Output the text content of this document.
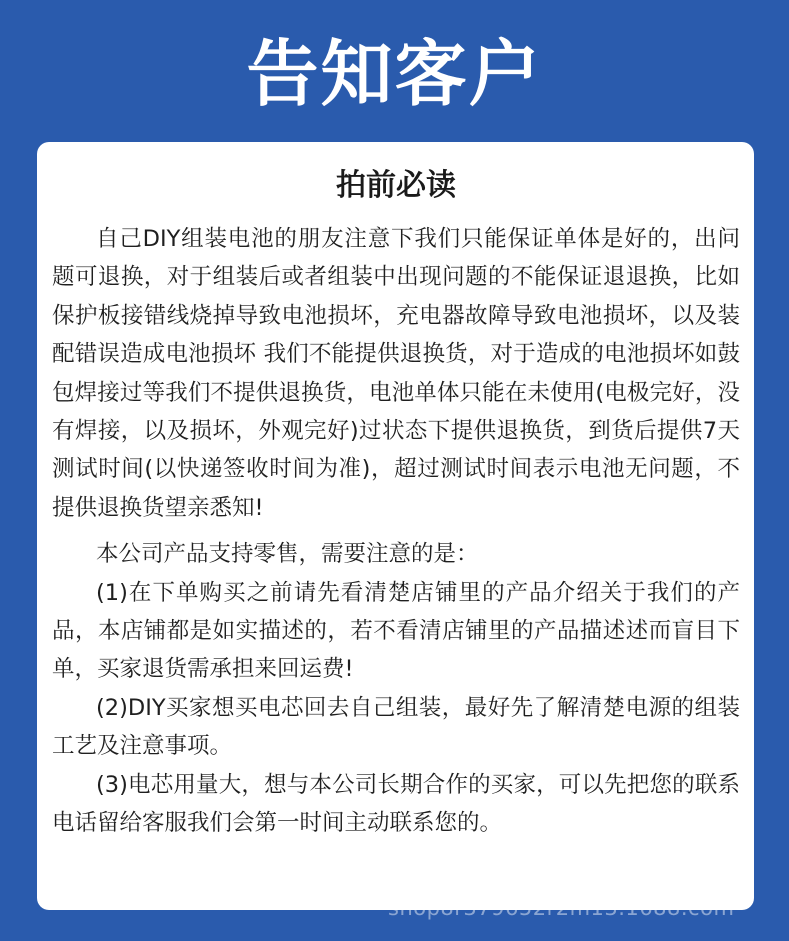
告知客户
拍前必读

自己DIY组装电池的朋友注意下我们只能保证单体是好的，出问题可退换，对于组装后或者组装中出现问题的不能保证退退换，比如保护板接错线烧掉导致电池损坏，充电器故障导致电池损坏，以及装配错误造成电池损坏 我们不能提供退换货，对于造成的电池损坏如鼓包焊接过等我们不提供退换货，电池单体只能在未使用(电极完好，没有焊接，以及损坏，外观完好)过状态下提供退换货，到货后提供7天测试时间(以快递签收时间为准)，超过测试时间表示电池无问题，不提供退换货望亲悉知!

本公司产品支持零售，需要注意的是：

(1)在下单购买之前请先看清楚店铺里的产品介绍关于我们的产品，本店铺都是如实描述的，若不看清店铺里的产品描述述而盲目下单，买家退货需承担来回运费!

(2)DIY买家想买电芯回去自己组装，最好先了解清楚电源的组装工艺及注意事项。

(3)电芯用量大，想与本公司长期合作的买家，可以先把您的联系电话留给客服我们会第一时间主动联系您的。

shop8r379652r2m13.1688.com
